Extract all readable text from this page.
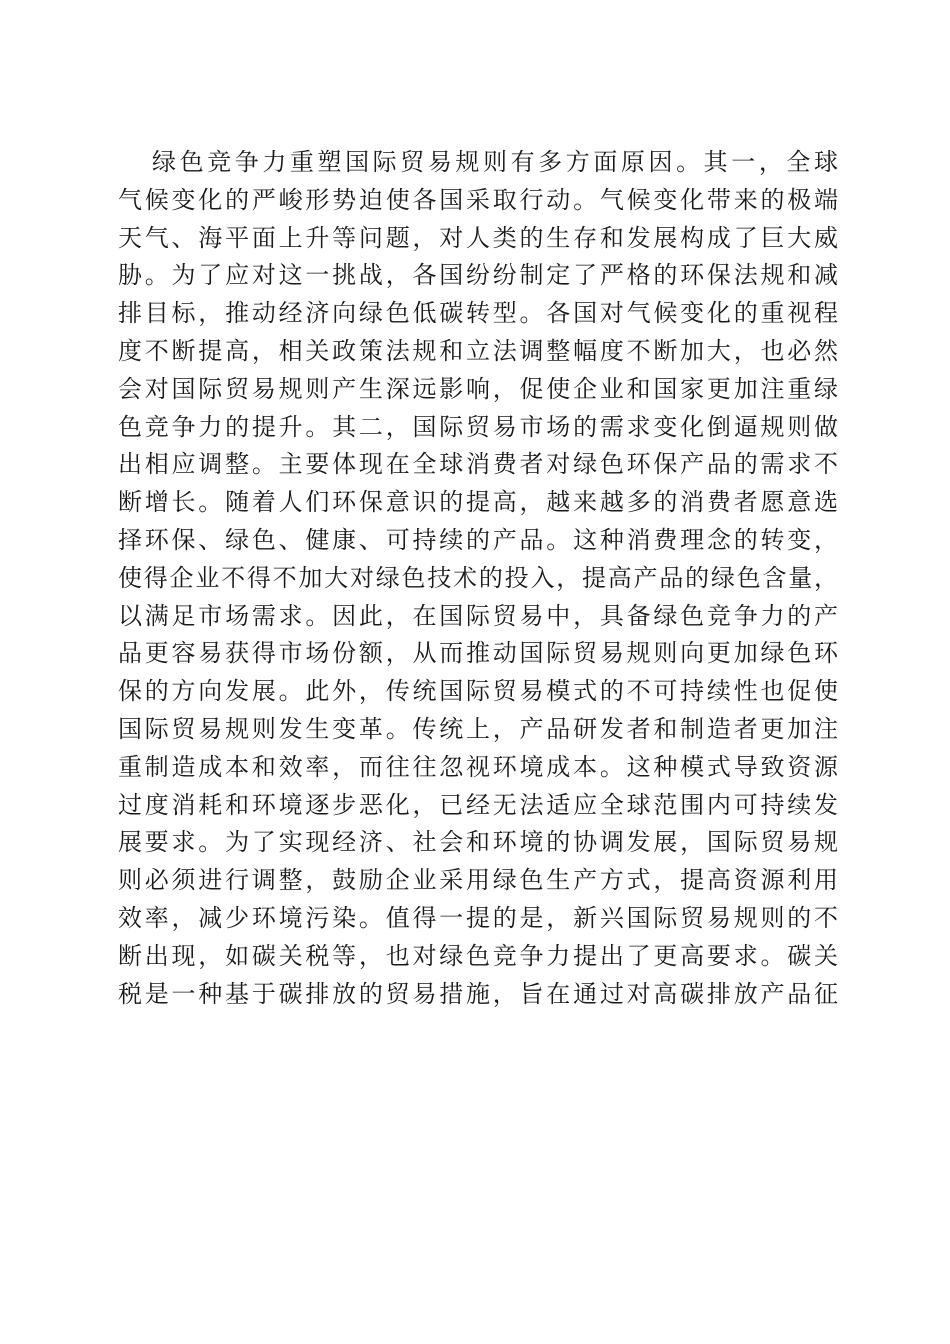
绿色竞争力重塑国际贸易规则有多方面原因。其一，全球
气候变化的严峻形势迫使各国采取行动。气候变化带来的极端
天气、海平面上升等问题，对人类的生存和发展构成了巨大威
胁。为了应对这一挑战，各国纷纷制定了严格的环保法规和减
排目标，推动经济向绿色低碳转型。各国对气候变化的重视程
度不断提高，相关政策法规和立法调整幅度不断加大，也必然
会对国际贸易规则产生深远影响，促使企业和国家更加注重绿
色竞争力的提升。其二，国际贸易市场的需求变化倒逼规则做
出相应调整。主要体现在全球消费者对绿色环保产品的需求不
断增长。随着人们环保意识的提高，越来越多的消费者愿意选
择环保、绿色、健康、可持续的产品。这种消费理念的转变，
使得企业不得不加大对绿色技术的投入，提高产品的绿色含量，
以满足市场需求。因此，在国际贸易中，具备绿色竞争力的产
品更容易获得市场份额，从而推动国际贸易规则向更加绿色环
保的方向发展。此外，传统国际贸易模式的不可持续性也促使
国际贸易规则发生变革。传统上，产品研发者和制造者更加注
重制造成本和效率，而往往忽视环境成本。这种模式导致资源
过度消耗和环境逐步恶化，已经无法适应全球范围内可持续发
展要求。为了实现经济、社会和环境的协调发展，国际贸易规
则必须进行调整，鼓励企业采用绿色生产方式，提高资源利用
效率，减少环境污染。值得一提的是，新兴国际贸易规则的不
断出现，如碳关税等，也对绿色竞争力提出了更高要求。碳关
税是一种基于碳排放的贸易措施，旨在通过对高碳排放产品征
